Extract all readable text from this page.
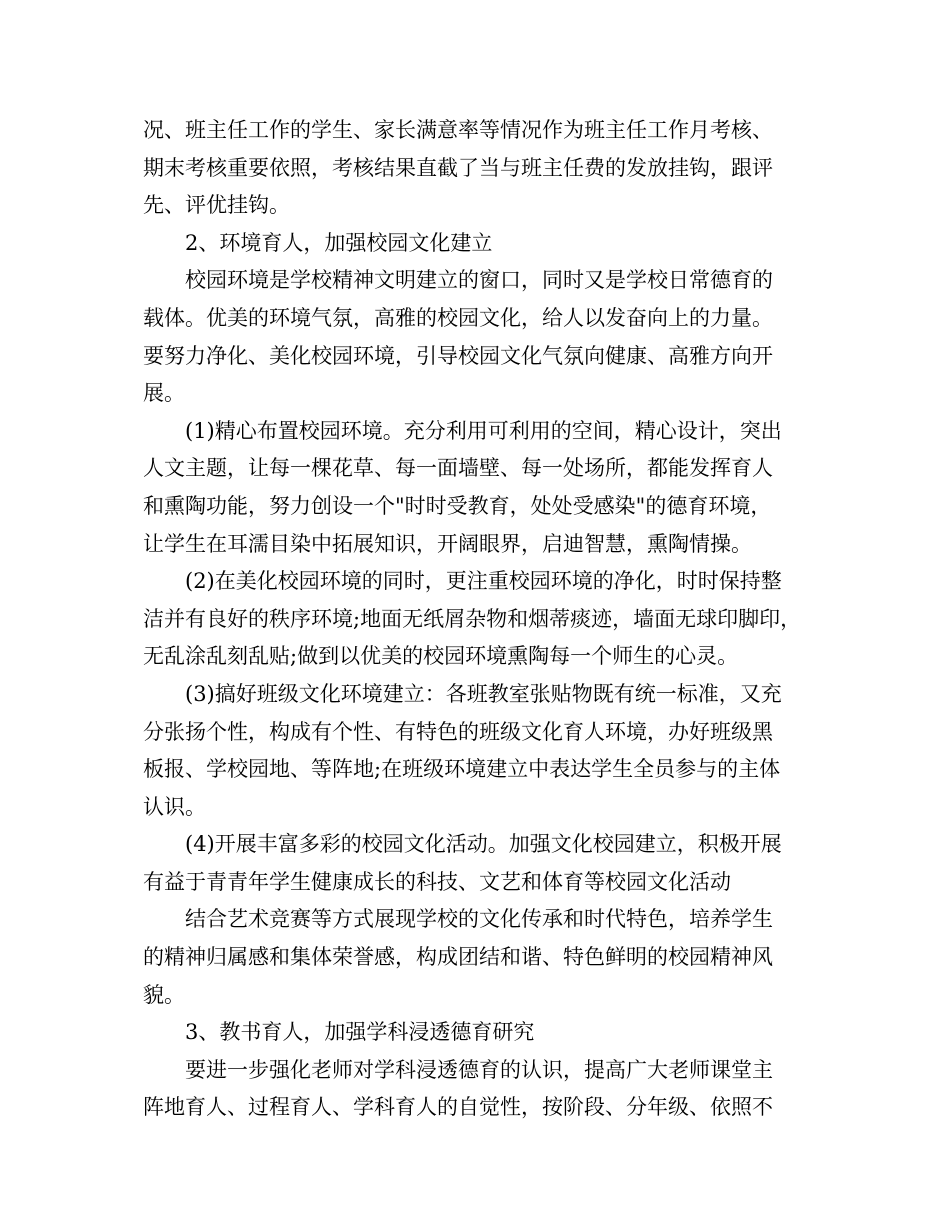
况、班主任工作的学生、家长满意率等情况作为班主任工作月考核、
期末考核重要依照，考核结果直截了当与班主任费的发放挂钩，跟评
先、评优挂钩。
2、环境育人，加强校园文化建立
校园环境是学校精神文明建立的窗口，同时又是学校日常德育的
载体。优美的环境气氛，高雅的校园文化，给人以发奋向上的力量。
要努力净化、美化校园环境，引导校园文化气氛向健康、高雅方向开
展。
(1)精心布置校园环境。充分利用可利用的空间，精心设计，突出
人文主题，让每一棵花草、每一面墙壁、每一处场所，都能发挥育人
和熏陶功能，努力创设一个"时时受教育，处处受感染"的德育环境，
让学生在耳濡目染中拓展知识，开阔眼界，启迪智慧，熏陶情操。
(2)在美化校园环境的同时，更注重校园环境的净化，时时保持整
洁并有良好的秩序环境;地面无纸屑杂物和烟蒂痰迹，墙面无球印脚印，
无乱涂乱刻乱贴;做到以优美的校园环境熏陶每一个师生的心灵。
(3)搞好班级文化环境建立：各班教室张贴物既有统一标准，又充
分张扬个性，构成有个性、有特色的班级文化育人环境，办好班级黑
板报、学校园地、等阵地;在班级环境建立中表达学生全员参与的主体
认识。
(4)开展丰富多彩的校园文化活动。加强文化校园建立，积极开展
有益于青青年学生健康成长的科技、文艺和体育等校园文化活动
结合艺术竞赛等方式展现学校的文化传承和时代特色，培养学生
的精神归属感和集体荣誉感，构成团结和谐、特色鲜明的校园精神风
貌。
3、教书育人，加强学科浸透德育研究
要进一步强化老师对学科浸透德育的认识，提高广大老师课堂主
阵地育人、过程育人、学科育人的自觉性，按阶段、分年级、依照不
